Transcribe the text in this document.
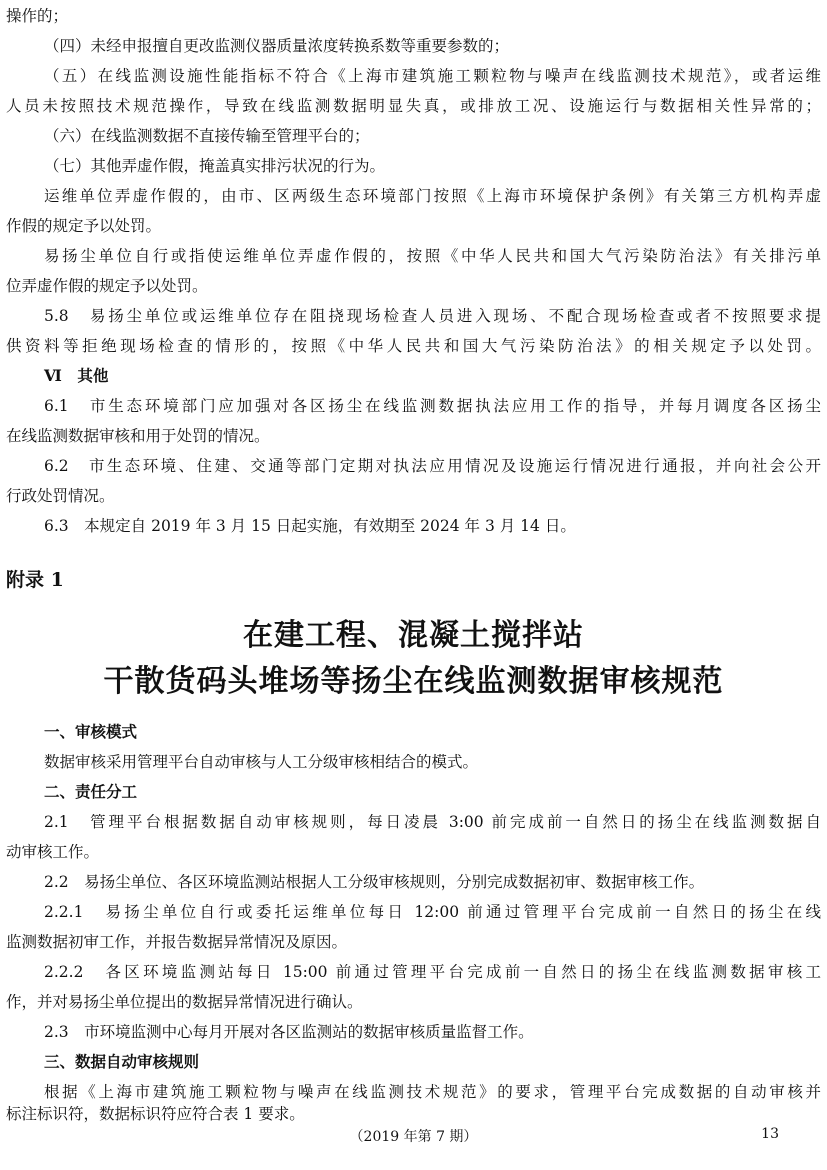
操作的；
（四）未经申报擅自更改监测仪器质量浓度转换系数等重要参数的；
（五）在线监测设施性能指标不符合《上海市建筑施工颗粒物与噪声在线监测技术规范》，或者运维
人员未按照技术规范操作，导致在线监测数据明显失真，或排放工况、设施运行与数据相关性异常的；
（六）在线监测数据不直接传输至管理平台的；
（七）其他弄虚作假，掩盖真实排污状况的行为。
运维单位弄虚作假的，由市、区两级生态环境部门按照《上海市环境保护条例》有关第三方机构弄虚
作假的规定予以处罚。
易扬尘单位自行或指使运维单位弄虚作假的，按照《中华人民共和国大气污染防治法》有关排污单
位弄虚作假的规定予以处罚。
5.8　易扬尘单位或运维单位存在阻挠现场检查人员进入现场、不配合现场检查或者不按照要求提
供资料等拒绝现场检查的情形的，按照《中华人民共和国大气污染防治法》的相关规定予以处罚。
Ⅵ　其他
6.1　市生态环境部门应加强对各区扬尘在线监测数据执法应用工作的指导，并每月调度各区扬尘
在线监测数据审核和用于处罚的情况。
6.2　市生态环境、住建、交通等部门定期对执法应用情况及设施运行情况进行通报，并向社会公开
行政处罚情况。
6.3　本规定自 2019 年 3 月 15 日起实施，有效期至 2024 年 3 月 14 日。
附录 1
在建工程、混凝土搅拌站
干散货码头堆场等扬尘在线监测数据审核规范
一、审核模式
数据审核采用管理平台自动审核与人工分级审核相结合的模式。
二、责任分工
2.1　管理平台根据数据自动审核规则，每日凌晨 3:00 前完成前一自然日的扬尘在线监测数据自
动审核工作。
2.2　易扬尘单位、各区环境监测站根据人工分级审核规则，分别完成数据初审、数据审核工作。
2.2.1　易扬尘单位自行或委托运维单位每日 12:00 前通过管理平台完成前一自然日的扬尘在线
监测数据初审工作，并报告数据异常情况及原因。
2.2.2　各区环境监测站每日 15:00 前通过管理平台完成前一自然日的扬尘在线监测数据审核工
作，并对易扬尘单位提出的数据异常情况进行确认。
2.3　市环境监测中心每月开展对各区监测站的数据审核质量监督工作。
三、数据自动审核规则
根据《上海市建筑施工颗粒物与噪声在线监测技术规范》的要求，管理平台完成数据的自动审核并
标注标识符，数据标识符应符合表 1 要求。
（2019 年第 7 期）	13
